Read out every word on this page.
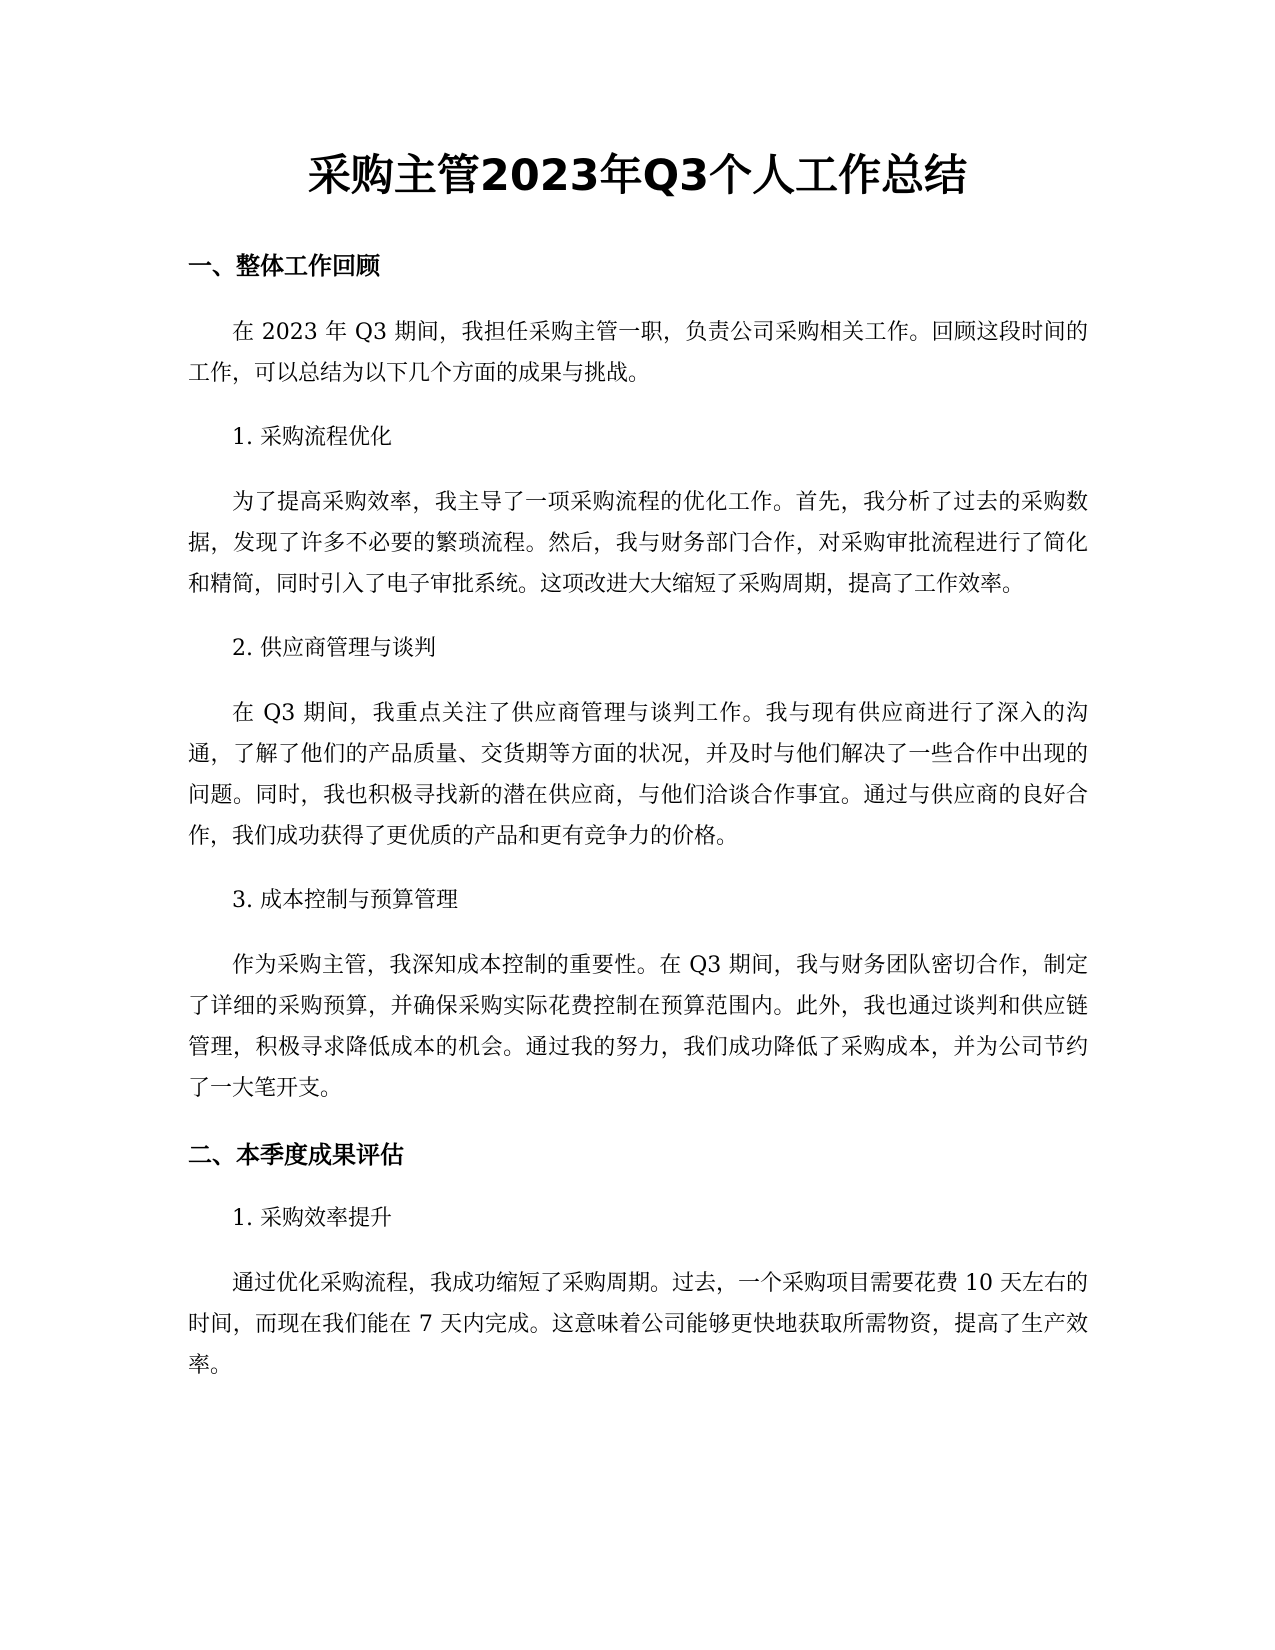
采购主管2023年Q3个人工作总结
一、整体工作回顾

在 2023 年 Q3 期间，我担任采购主管一职，负责公司采购相关工作。回顾这段时间的工作，可以总结为以下几个方面的成果与挑战。

1. 采购流程优化

为了提高采购效率，我主导了一项采购流程的优化工作。首先，我分析了过去的采购数据，发现了许多不必要的繁琐流程。然后，我与财务部门合作，对采购审批流程进行了简化和精简，同时引入了电子审批系统。这项改进大大缩短了采购周期，提高了工作效率。

2. 供应商管理与谈判

在 Q3 期间，我重点关注了供应商管理与谈判工作。我与现有供应商进行了深入的沟通，了解了他们的产品质量、交货期等方面的状况，并及时与他们解决了一些合作中出现的问题。同时，我也积极寻找新的潜在供应商，与他们洽谈合作事宜。通过与供应商的良好合作，我们成功获得了更优质的产品和更有竞争力的价格。

3. 成本控制与预算管理

作为采购主管，我深知成本控制的重要性。在 Q3 期间，我与财务团队密切合作，制定了详细的采购预算，并确保采购实际花费控制在预算范围内。此外，我也通过谈判和供应链管理，积极寻求降低成本的机会。通过我的努力，我们成功降低了采购成本，并为公司节约了一大笔开支。

二、本季度成果评估
1. 采购效率提升

通过优化采购流程，我成功缩短了采购周期。过去，一个采购项目需要花费 10 天左右的时间，而现在我们能在 7 天内完成。这意味着公司能够更快地获取所需物资，提高了生产效率。
